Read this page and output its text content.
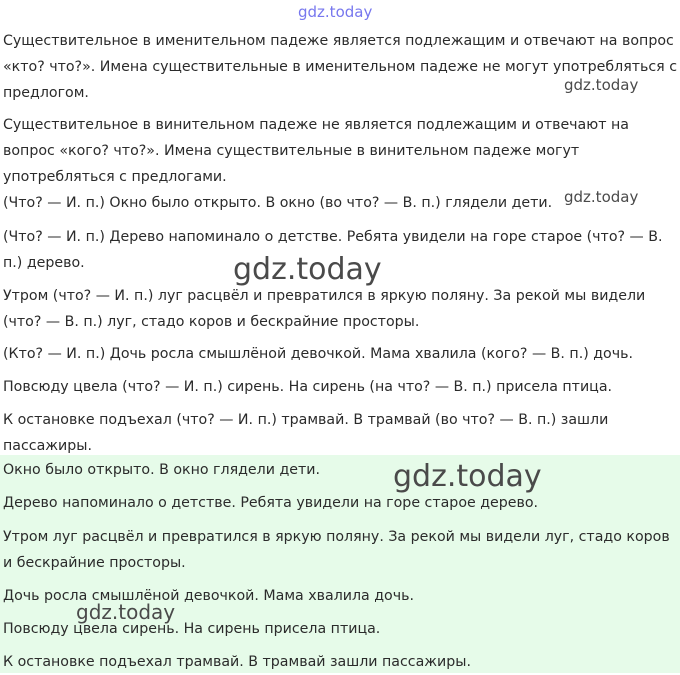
Существительное в именительном падеже является подлежащим и отвечают на вопрос «кто? что?». Имена существительные в именительном падеже не могут употребляться с предлогом.

Существительное в винительном падеже не является подлежащим и отвечают на вопрос «кого? что?». Имена существительные в винительном падеже могут употребляться с предлогами.

(Что? — И. п.) Окно было открыто. В окно (во что? — В. п.) глядели дети.

(Что? — И. п.) Дерево напоминало о детстве. Ребята увидели на горе старое (что? — В. п.) дерево.

Утром (что? — И. п.) луг расцвёл и превратился в яркую поляну. За рекой мы видели (что? — В. п.) луг, стадо коров и бескрайние просторы.

(Кто? — И. п.) Дочь росла смышлёной девочкой. Мама хвалила (кого? — В. п.) дочь.

Повсюду цвела (что? — И. п.) сирень. На сирень (на что? — В. п.) присела птица.

К остановке подъехал (что? — И. п.) трамвай. В трамвай (во что? — В. п.) зашли пассажиры.

Окно было открыто. В окно глядели дети.

Дерево напоминало о детстве. Ребята увидели на горе старое дерево.

Утром луг расцвёл и превратился в яркую поляну. За рекой мы видели луг, стадо коров и бескрайние просторы.

Дочь росла смышлёной девочкой. Мама хвалила дочь.

Повсюду цвела сирень. На сирень присела птица.

К остановке подъехал трамвай. В трамвай зашли пассажиры.

gdz.today
gdz.today
gdz.today
gdz.today
gdz.today
gdz.today
